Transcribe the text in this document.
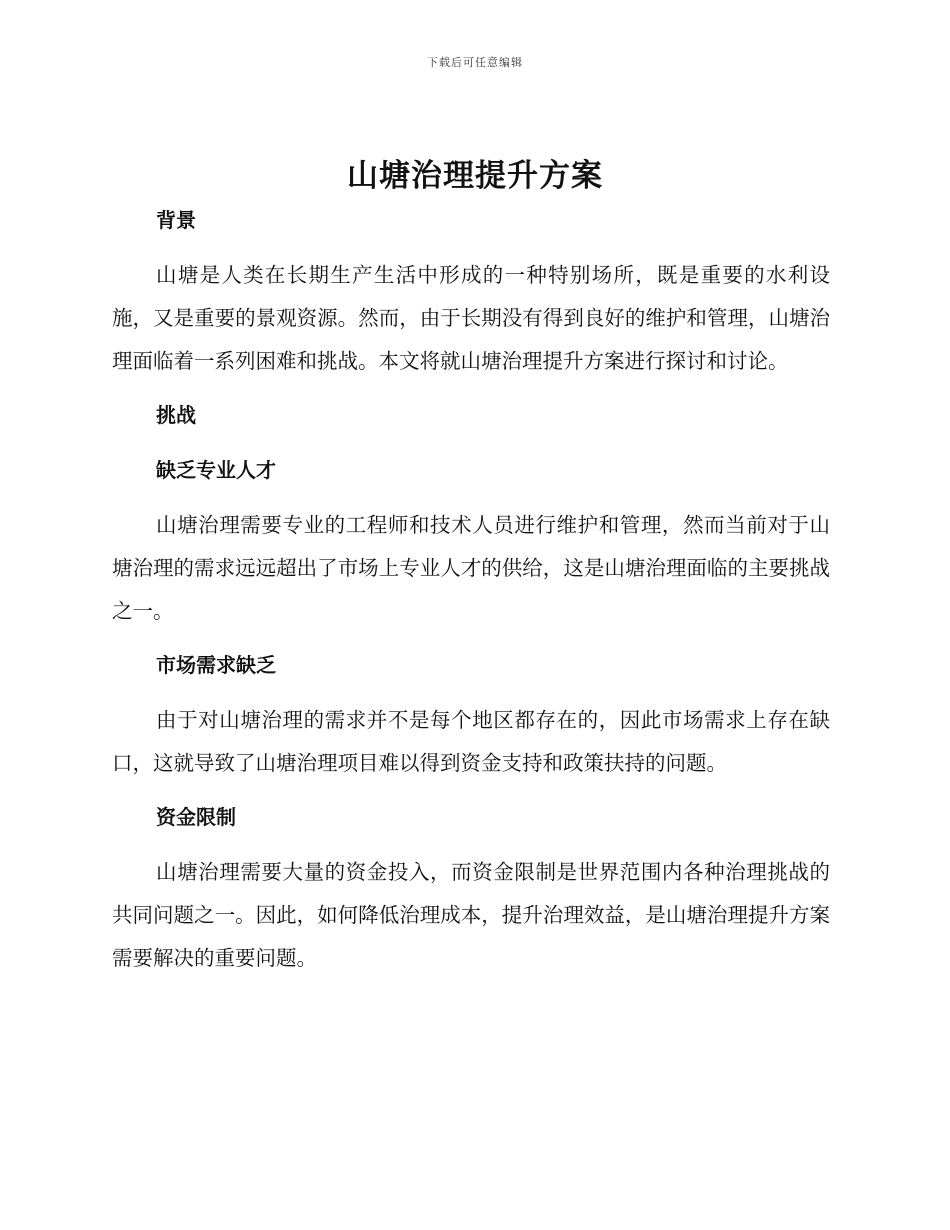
下载后可任意编辑
山塘治理提升方案
背景

山塘是人类在长期生产生活中形成的一种特别场所，既是重要的水利设施，又是重要的景观资源。然而，由于长期没有得到良好的维护和管理，山塘治理面临着一系列困难和挑战。本文将就山塘治理提升方案进行探讨和讨论。

挑战
缺乏专业人才

山塘治理需要专业的工程师和技术人员进行维护和管理，然而当前对于山塘治理的需求远远超出了市场上专业人才的供给，这是山塘治理面临的主要挑战之一。

市场需求缺乏

由于对山塘治理的需求并不是每个地区都存在的，因此市场需求上存在缺口，这就导致了山塘治理项目难以得到资金支持和政策扶持的问题。

资金限制

山塘治理需要大量的资金投入，而资金限制是世界范围内各种治理挑战的共同问题之一。因此，如何降低治理成本，提升治理效益，是山塘治理提升方案需要解决的重要问题。
